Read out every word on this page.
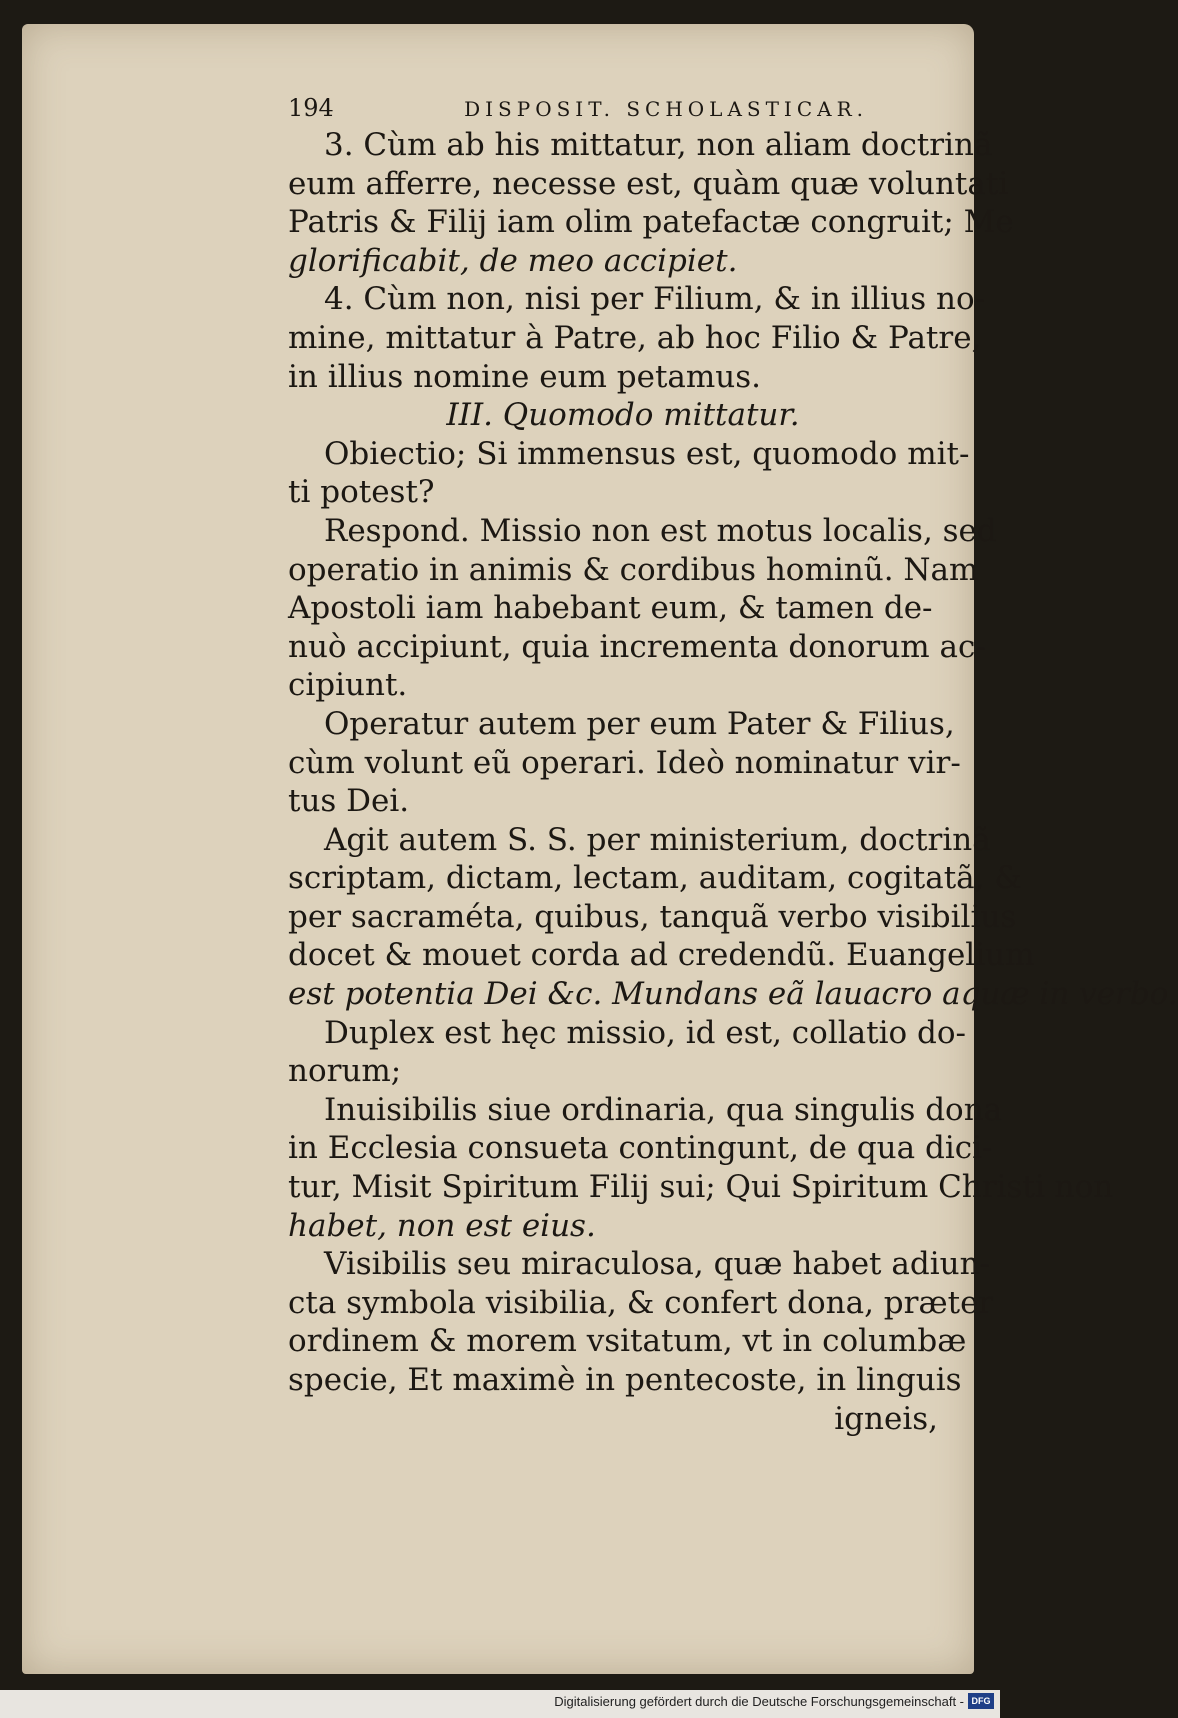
194	DISPOSIT. SCHOLASTICAR.
3. Cùm ab his mittatur, non aliam doctrinã
eum afferre, necesse est, quàm quæ voluntati
Patris & Filij iam olim patefactæ congruit; Me
glorificabit, de meo accipiet.
4. Cùm non, nisi per Filium, & in illius no-
mine, mittatur à Patre, ab hoc Filio & Patre,
in illius nomine eum petamus.
III. Quomodo mittatur.
Obiectio; Si immensus est, quomodo mit-
ti potest?
Respond. Missio non est motus localis, sed
operatio in animis & cordibus hominũ. Nam
Apostoli iam habebant eum, & tamen de-
nuò accipiunt, quia incrementa donorum ac-
cipiunt.
Operatur autem per eum Pater & Filius,
cùm volunt eũ operari. Ideò nominatur vir-
tus Dei.
Agit autem S. S. per ministerium, doctrinã
scriptam, dictam, lectam, auditam, cogitatã, &
per sacraméta, quibus, tanquã verbo visibilius
docet & mouet corda ad credendũ. Euangelium
est potentia Dei &c. Mundans eã lauacro aquæ in verbo.
Duplex est hęc missio, id est, collatio do-
norum;
Inuisibilis siue ordinaria, qua singulis dona
in Ecclesia consueta contingunt, de qua dici-
tur, Misit Spiritum Filij sui; Qui Spiritum Christi non
habet, non est eius.
Visibilis seu miraculosa, quæ habet adiun-
cta symbola visibilia, & confert dona, præter
ordinem & morem vsitatum, vt in columbæ
specie, Et maximè in pentecoste, in linguis
igneis,
Digitalisierung gefördert durch die Deutsche Forschungsgemeinschaft - DFG
